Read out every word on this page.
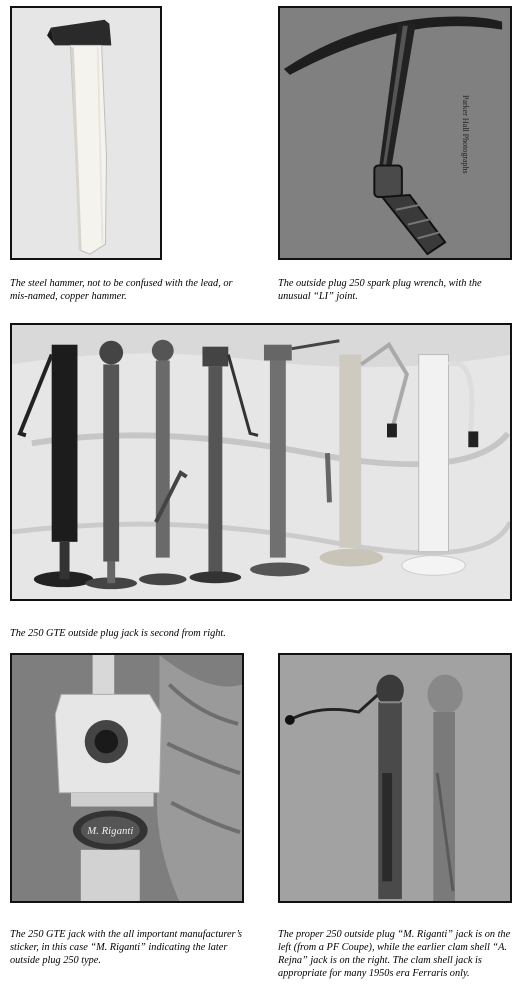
The steel hammer, not to be confused with the lead, or mis-named, copper hammer.

Parker Hall Photographs

The outside plug 250 spark plug wrench, with the unusual “LI” joint.

The 250 GTE outside plug jack is second from right.

M. Riganti

The 250 GTE jack with the all important manufacturer’s sticker, in this case “M. Riganti” indicating the later outside plug 250 type.

The proper 250 outside plug “M. Riganti” jack is on the left (from a PF Coupe), while the earlier clam shell “A. Rejna” jack is on the right. The clam shell jack is appropriate for many 1950s era Ferraris only.
